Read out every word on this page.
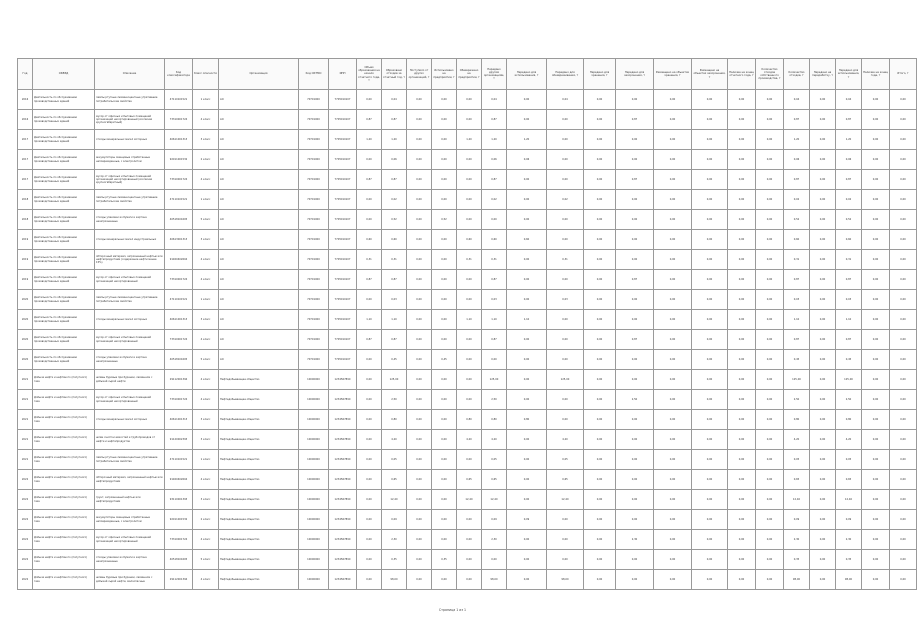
Год	ОКВЭД	Описание	Код классификатора	Класс опасности	Организация	Код ОКТМО	ИНН	Объем образования на начало отчетного года, т	Образовано отходов за отчетный год, т	Поступило от других организаций, т	Использовано на предприятии, т	Обезврежено на предприятии, т	Передано другим организациям, т	Передано для использования, т	Передано для обезвреживания, т	Передано для хранения, т	Передано для захоронения, т	Размещено на объектах хранения, т	Размещено на объектах захоронения, т	Наличие на конец отчетного года, т	Количество отходов собственного производства, т	Количество отходов, т	Передано на переработку, т	Передано для использования, т	Наличие на конец года, т	Итого, т
2016	Деятельность по обслуживанию производственных зданий	лампы ртутные люминесцентные утратившие потребительские свойства	47110101521	1 класс	АО	70701000	7705010107	0,00	0,04	0,00	0,00	0,00	0,04	0,00	0,04	0,00	0,00	0,00	0,00	0,00	0,00	0,04	0,00	0,04	0,00	0,00
2016	Деятельность по обслуживанию производственных зданий	мусор от офисных и бытовых помещений организаций несортированный (исключая крупногабаритный)	73310001724	4 класс	АО	70701000	7705010107	0,87	0,87	0,00	0,00	0,00	0,87	0,00	0,00	0,00	0,87	0,00	0,00	0,00	0,00	0,87	0,00	0,87	0,00	0,00
2017	Деятельность по обслуживанию производственных зданий	отходы минеральных масел моторных	40611001313	3 класс	АО	70701000	7705010107	1,20	1,20	0,00	0,00	1,20	1,20	1,20	0,00	0,00	0,00	0,00	0,00	0,00	0,00	1,20	0,00	1,20	0,00	0,00
2017	Деятельность по обслуживанию производственных зданий	аккумуляторы свинцовые отработанные неповрежденные, с электролитом	92011001532	2 класс	АО	70701000	7705010107	0,00	0,06	0,00	0,00	0,00	0,06	0,06	0,00	0,00	0,00	0,00	0,00	0,00	0,00	0,06	0,00	0,06	0,00	0,00
2017	Деятельность по обслуживанию производственных зданий	мусор от офисных и бытовых помещений организаций несортированный (исключая крупногабаритный)	73310001724	4 класс	АО	70701000	7705010107	0,87	0,87	0,00	0,00	0,00	0,87	0,00	0,00	0,00	0,87	0,00	0,00	0,00	0,00	0,87	0,00	0,87	0,00	0,00
2018	Деятельность по обслуживанию производственных зданий	лампы ртутные люминесцентные утратившие потребительские свойства	47110101521	1 класс	АО	70701000	7705010107	0,00	0,02	0,00	0,00	0,00	0,02	0,00	0,02	0,00	0,00	0,00	0,00	0,00	0,00	0,02	0,00	0,02	0,00	0,00
2018	Деятельность по обслуживанию производственных зданий	отходы упаковки из бумаги и картона незагрязненные	40518101605	5 класс	АО	70701000	7705010107	0,00	0,52	0,00	0,52	0,00	0,00	0,00	0,00	0,00	0,00	0,00	0,00	0,00	0,00	0,52	0,00	0,52	0,00	0,00
2019	Деятельность по обслуживанию производственных зданий	отходы минеральных масел индустриальных	40613001313	3 класс	АО	70701000	7705010107	0,60	0,60	0,00	0,00	0,60	0,60	0,60	0,00	0,00	0,00	0,00	0,00	0,00	0,00	0,60	0,00	0,60	0,00	0,00
2019	Деятельность по обслуживанию производственных зданий	обтирочный материал, загрязненный нефтью или нефтепродуктами (содержание нефти менее 15%)	91920402604	4 класс	АО	70701000	7705010107	0,31	0,31	0,00	0,00	0,31	0,31	0,00	0,31	0,00	0,00	0,00	0,00	0,00	0,00	0,31	0,00	0,31	0,00	0,00
2019	Деятельность по обслуживанию производственных зданий	мусор от офисных и бытовых помещений организаций несортированный	73310001724	4 класс	АО	70701000	7705010107	0,87	0,87	0,00	0,00	0,00	0,87	0,00	0,00	0,00	0,87	0,00	0,00	0,00	0,00	0,87	0,00	0,87	0,00	0,00
2020	Деятельность по обслуживанию производственных зданий	лампы ртутные люминесцентные утратившие потребительские свойства	47110101521	1 класс	АО	70701000	7705010107	0,00	0,03	0,00	0,00	0,00	0,03	0,00	0,03	0,00	0,00	0,00	0,00	0,00	0,00	0,03	0,00	0,03	0,00	0,00
2020	Деятельность по обслуживанию производственных зданий	отходы минеральных масел моторных	40611001313	3 класс	АО	70701000	7705010107	1,10	1,10	0,00	0,00	1,10	1,10	1,10	0,00	0,00	0,00	0,00	0,00	0,00	0,00	1,10	0,00	1,10	0,00	0,00
2020	Деятельность по обслуживанию производственных зданий	мусор от офисных и бытовых помещений организаций несортированный	73310001724	4 класс	АО	70701000	7705010107	0,87	0,87	0,00	0,00	0,00	0,87	0,00	0,00	0,00	0,87	0,00	0,00	0,00	0,00	0,87	0,00	0,87	0,00	0,00
2020	Деятельность по обслуживанию производственных зданий	отходы упаковки из бумаги и картона незагрязненные	40518101605	5 класс	АО	70701000	7705010107	0,00	0,45	0,00	0,45	0,00	0,00	0,00	0,00	0,00	0,00	0,00	0,00	0,00	0,00	0,45	0,00	0,45	0,00	0,00
2021	Добыча нефти и нефтяного (попутного) газа	шламы буровые при бурении, связанном с добычей сырой нефти	29112001394	4 класс	Нефтедобывающее общество	10000000	1234567890	0,00	125,00	0,00	0,00	0,00	125,00	0,00	125,00	0,00	0,00	0,00	0,00	0,00	0,00	125,00	0,00	125,00	0,00	0,00
2021	Добыча нефти и нефтяного (попутного) газа	мусор от офисных и бытовых помещений организаций несортированный	73310001724	4 класс	Нефтедобывающее общество	10000000	1234567890	0,00	2,50	0,00	0,00	0,00	2,50	0,00	0,00	0,00	2,50	0,00	0,00	0,00	0,00	2,50	0,00	2,50	0,00	0,00
2021	Добыча нефти и нефтяного (попутного) газа	отходы минеральных масел моторных	40611001313	3 класс	Нефтедобывающее общество	10000000	1234567890	0,00	0,80	0,00	0,00	0,80	0,80	0,80	0,00	0,00	0,00	0,00	0,00	0,00	0,00	0,80	0,00	0,80	0,00	0,00
2021	Добыча нефти и нефтяного (попутного) газа	шлам очистки емкостей и трубопроводов от нефти и нефтепродуктов	91120002393	3 класс	Нефтедобывающее общество	10000000	1234567890	0,00	4,20	0,00	0,00	4,20	4,20	0,00	4,20	0,00	0,00	0,00	0,00	0,00	0,00	4,20	0,00	4,20	0,00	0,00
2021	Добыча нефти и нефтяного (попутного) газа	лампы ртутные люминесцентные утратившие потребительские свойства	47110101521	1 класс	Нефтедобывающее общество	10000000	1234567890	0,00	0,05	0,00	0,00	0,00	0,05	0,00	0,05	0,00	0,00	0,00	0,00	0,00	0,00	0,05	0,00	0,05	0,00	0,00
2022	Добыча нефти и нефтяного (попутного) газа	обтирочный материал, загрязненный нефтью или нефтепродуктами	91920402604	4 класс	Нефтедобывающее общество	10000000	1234567890	0,00	0,65	0,00	0,00	0,65	0,65	0,00	0,65	0,00	0,00	0,00	0,00	0,00	0,00	0,65	0,00	0,65	0,00	0,00
2022	Добыча нефти и нефтяного (попутного) газа	грунт, загрязненный нефтью или нефтепродуктами	93110001393	3 класс	Нефтедобывающее общество	10000000	1234567890	0,00	12,40	0,00	0,00	12,40	12,40	0,00	12,40	0,00	0,00	0,00	0,00	0,00	0,00	12,40	0,00	12,40	0,00	0,00
2022	Добыча нефти и нефтяного (попутного) газа	аккумуляторы свинцовые отработанные неповрежденные, с электролитом	92011001532	2 класс	Нефтедобывающее общество	10000000	1234567890	0,00	0,09	0,00	0,00	0,00	0,09	0,09	0,00	0,00	0,00	0,00	0,00	0,00	0,00	0,09	0,00	0,09	0,00	0,00
2022	Добыча нефти и нефтяного (попутного) газа	мусор от офисных и бытовых помещений организаций несортированный	73310001724	4 класс	Нефтедобывающее общество	10000000	1234567890	0,00	2,30	0,00	0,00	0,00	2,30	0,00	0,00	0,00	2,30	0,00	0,00	0,00	0,00	2,30	0,00	2,30	0,00	0,00
2022	Добыча нефти и нефтяного (попутного) газа	отходы упаковки из бумаги и картона незагрязненные	40518101605	5 класс	Нефтедобывающее общество	10000000	1234567890	0,00	0,35	0,00	0,35	0,00	0,00	0,00	0,00	0,00	0,00	0,00	0,00	0,00	0,00	0,35	0,00	0,35	0,00	0,00
2022	Добыча нефти и нефтяного (попутного) газа	шламы буровые при бурении, связанном с добычей сырой нефти, малоопасные	29112001394	4 класс	Нефтедобывающее общество	10000000	1234567890	0,00	98,00	0,00	0,00	0,00	98,00	0,00	98,00	0,00	0,00	0,00	0,00	0,00	0,00	98,00	0,00	98,00	0,00	0,00
Страница 1 из 1
